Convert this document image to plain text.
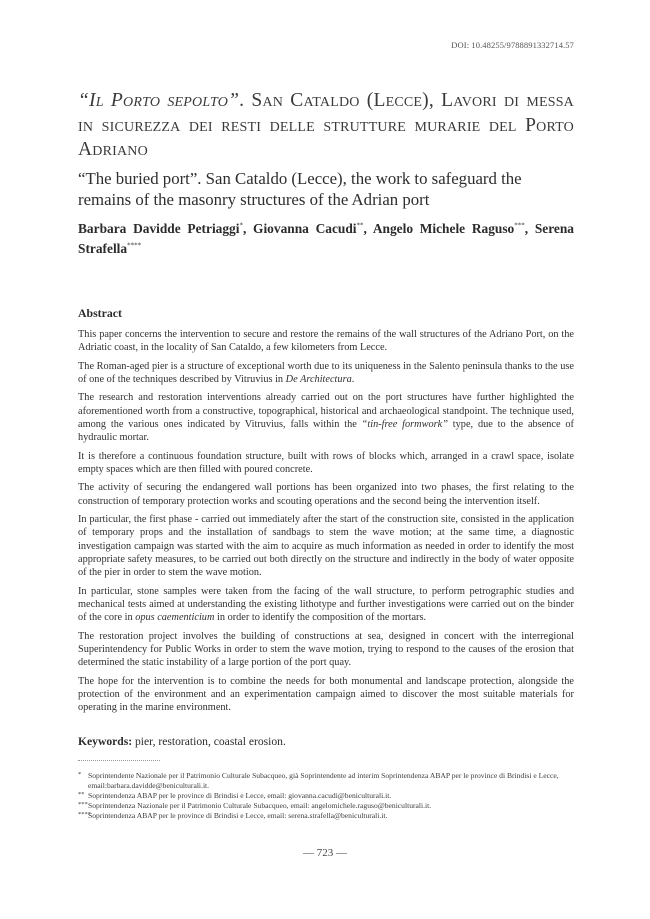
DOI: 10.48255/9788891332714.57
“Il Porto sepolto”. San Cataldo (Lecce), Lavori di messa in sicurezza dei resti delle strutture murarie del Porto Adriano
“The buried port”. San Cataldo (Lecce), the work to safeguard the remains of the masonry structures of the Adrian port
Barbara Davidde Petriaggi*, Giovanna Cacudi**, Angelo Michele Raguso***, Serena Strafella****
Abstract

This paper concerns the intervention to secure and restore the remains of the wall structures of the Adriano Port, on the Adriatic coast, in the locality of San Cataldo, a few kilometers from Lecce.

The Roman-aged pier is a structure of exceptional worth due to its uniqueness in the Salento peninsula thanks to the use of one of the techniques described by Vitruvius in De Architectura.

The research and restoration interventions already carried out on the port structures have further highlighted the aforementioned worth from a constructive, topographical, historical and archaeological standpoint. The technique used, among the various ones indicated by Vitruvius, falls within the “tin-free formwork” type, due to the absence of hydraulic mortar.

It is therefore a continuous foundation structure, built with rows of blocks which, arranged in a crawl space, isolate empty spaces which are then filled with poured concrete.

The activity of securing the endangered wall portions has been organized into two phases, the first relating to the construction of temporary protection works and scouting operations and the second being the intervention itself.

In particular, the first phase - carried out immediately after the start of the construction site, consisted in the application of temporary props and the installation of sandbags to stem the wave motion; at the same time, a diagnostic investigation campaign was started with the aim to acquire as much information as needed in order to identify the most appropriate safety measures, to be carried out both directly on the structure and indirectly in the body of water opposite of the pier in order to stem the wave motion.

In particular, stone samples were taken from the facing of the wall structure, to perform petrographic studies and mechanical tests aimed at understanding the existing lithotype and further investigations were carried out on the binder of the core in opus caementicium in order to identify the composition of the mortars.

The restoration project involves the building of constructions at sea, designed in concert with the interregional Superintendency for Public Works in order to stem the wave motion, trying to respond to the causes of the erosion that determined the static instability of a large portion of the port quay.

The hope for the intervention is to combine the needs for both monumental and landscape protection, alongside the protection of the environment and an experimentation campaign aimed to discover the most suitable materials for operating in the marine environment.

Keywords: pier, restoration, coastal erosion.
* Soprintendente Nazionale per il Patrimonio Culturale Subacqueo, già Soprintendente ad interim Soprintendenza ABAP per le province di Brindisi e Lecce, email:barbara.davidde@beniculturali.it.
** Soprintendenza ABAP per le province di Brindisi e Lecce, email: giovanna.cacudi@beniculturali.it.
*** Soprintendenza Nazionale per il Patrimonio Culturale Subacqueo, email: angelomichele.raguso@beniculturali.it.
****
Soprintendenza ABAP per le province di Brindisi e Lecce, email: serena.strafella@beniculturali.it.
— 723 —
